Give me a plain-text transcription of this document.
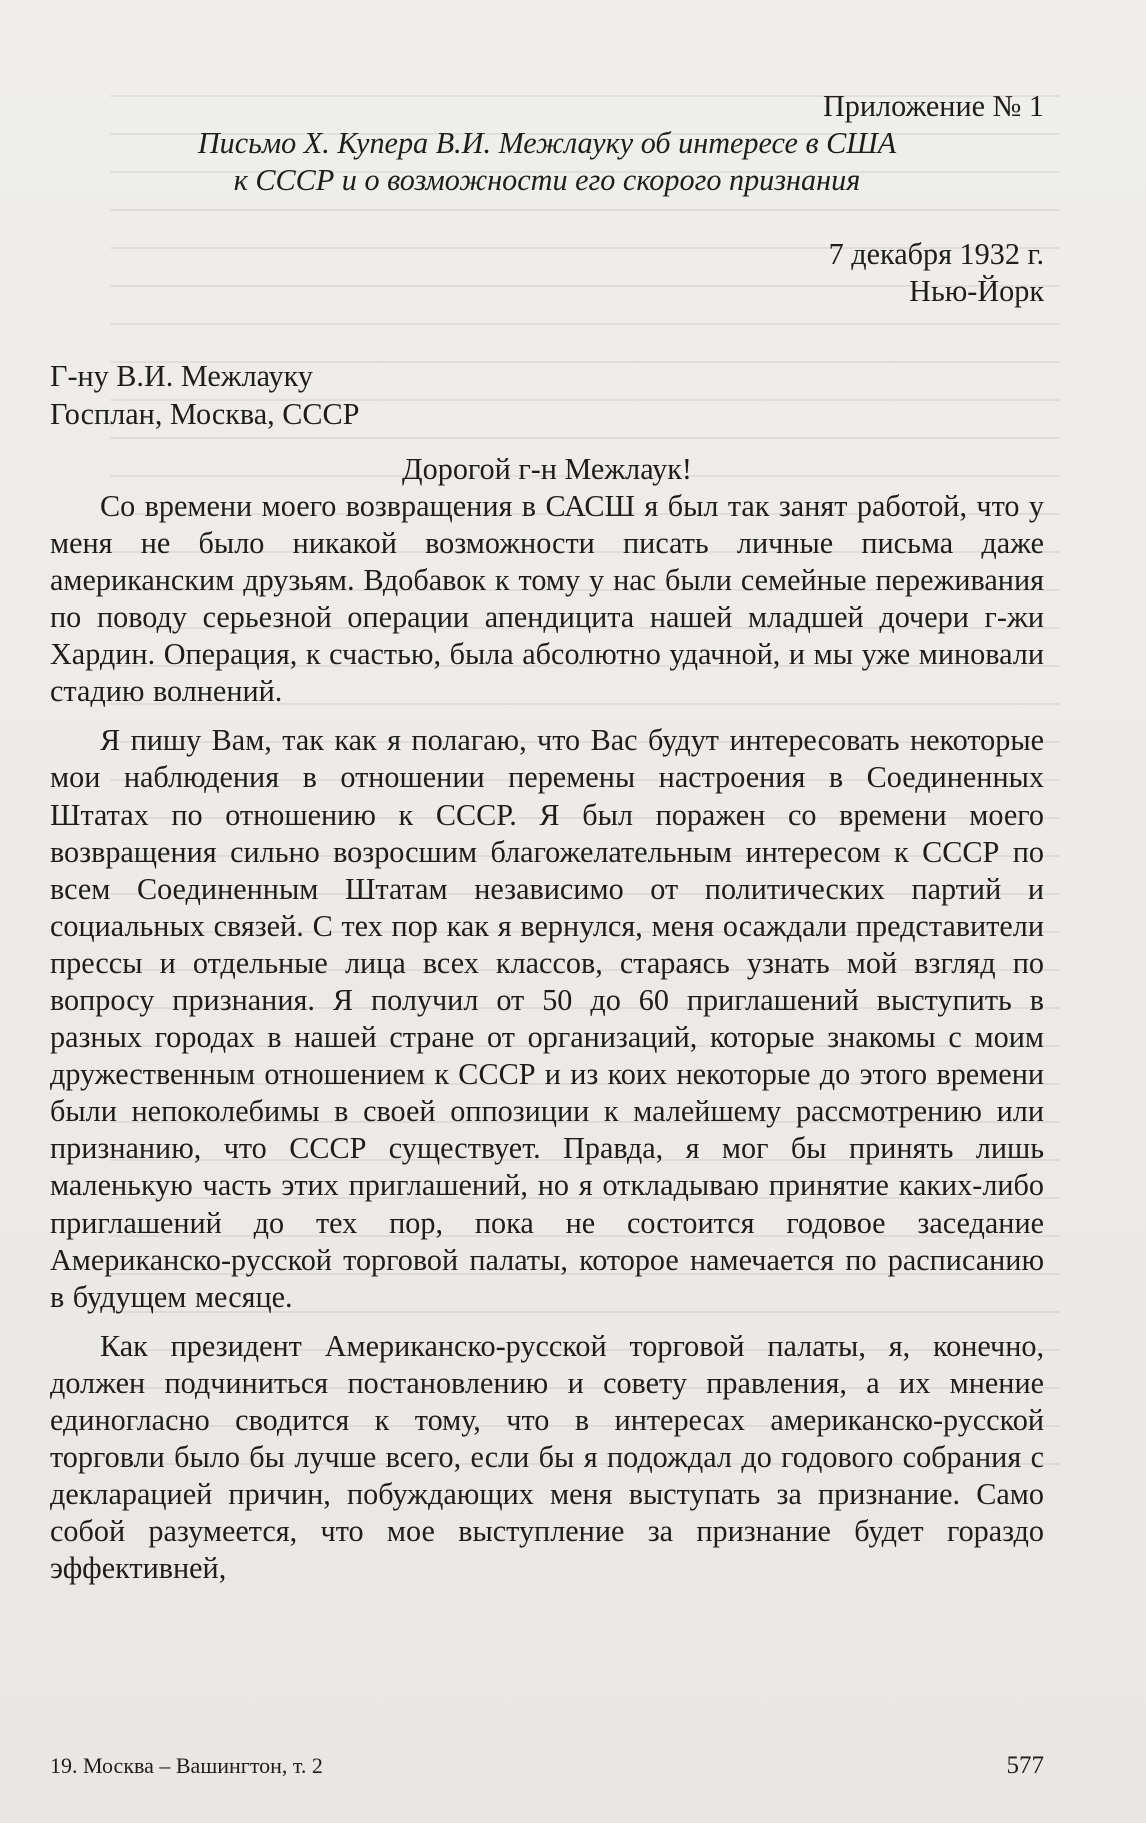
Приложение № 1
Письмо Х. Купера В.И. Межлауку об интересе в США
к СССР и о возможности его скорого признания
7 декабря 1932 г.
Нью-Йорк
Г-ну В.И. Межлауку
Госплан, Москва, СССР
Дорогой г-н Межлаук!

Со времени моего возвращения в САСШ я был так занят работой, что у меня не было никакой возможности писать личные письма даже американским друзьям. Вдобавок к тому у нас были семейные переживания по поводу серьезной операции апендицита нашей младшей дочери г-жи Хардин. Операция, к счастью, была абсолютно удачной, и мы уже миновали стадию волнений.

Я пишу Вам, так как я полагаю, что Вас будут интересовать некоторые мои наблюдения в отношении перемены настроения в Соединенных Штатах по отношению к СССР. Я был поражен со времени моего возвращения сильно возросшим благожелательным интересом к СССР по всем Соединенным Штатам независимо от политических партий и социальных связей. С тех пор как я вернулся, меня осаждали представители прессы и отдельные лица всех классов, стараясь узнать мой взгляд по вопросу признания. Я получил от 50 до 60 приглашений выступить в разных городах в нашей стране от организаций, которые знакомы с моим дружественным отношением к СССР и из коих некоторые до этого времени были непоколебимы в своей оппозиции к малейшему рассмотрению или признанию, что СССР существует. Правда, я мог бы принять лишь маленькую часть этих приглашений, но я откладываю принятие каких-либо приглашений до тех пор, пока не состоится годовое заседание Американско-русской торговой палаты, которое намечается по расписанию в будущем месяце.

Как президент Американско-русской торговой палаты, я, конечно, должен подчиниться постановлению и совету правления, а их мнение единогласно сводится к тому, что в интересах американско-русской торговли было бы лучше всего, если бы я подождал до годового собрания с декларацией причин, побуждающих меня выступать за признание. Само собой разумеется, что мое выступление за признание будет гораздо эффективней,

19. Москва – Вашингтон, т. 2	577
